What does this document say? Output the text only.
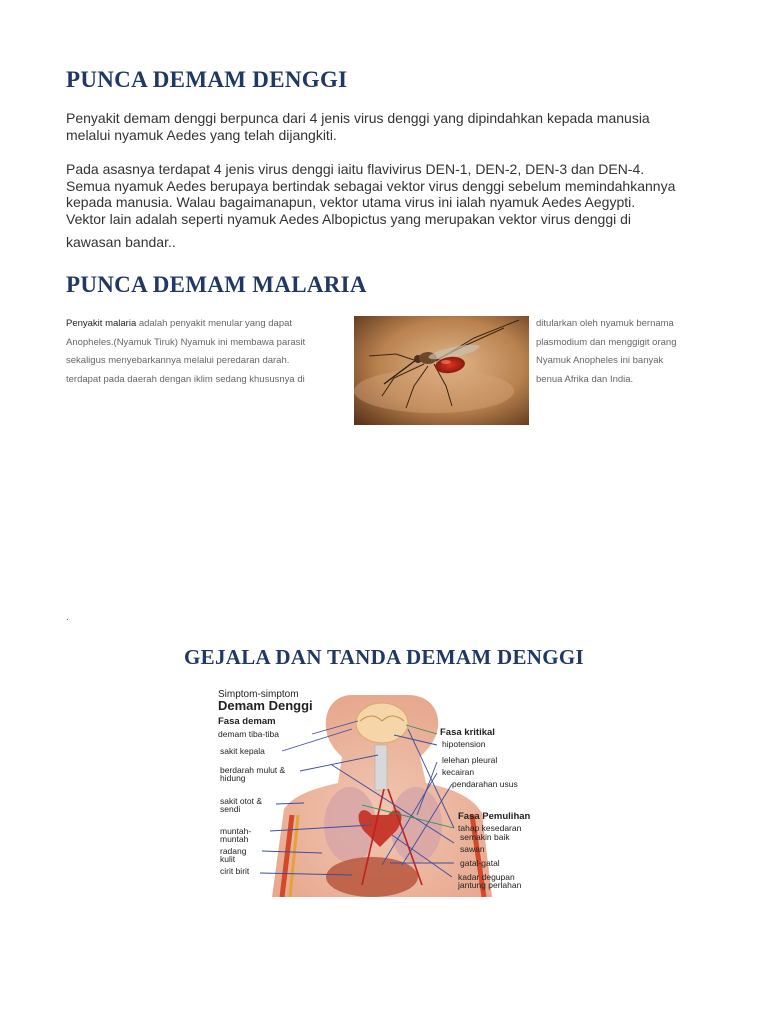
PUNCA DEMAM DENGGI
Penyakit demam denggi berpunca dari 4 jenis virus denggi yang dipindahkan kepada manusia
melalui nyamuk Aedes yang telah dijangkiti.
Pada asasnya terdapat 4 jenis virus denggi iaitu flavivirus DEN-1, DEN-2, DEN-3 dan DEN-4.
Semua nyamuk Aedes berupaya bertindak sebagai vektor virus denggi sebelum memindahkannya
kepada manusia. Walau bagaimanapun, vektor utama virus ini ialah nyamuk Aedes Aegypti.
Vektor lain adalah seperti nyamuk Aedes Albopictus yang merupakan vektor virus denggi di
kawasan bandar..
PUNCA DEMAM MALARIA
Penyakit malaria adalah penyakit menular yang dapat
Anopheles.(Nyamuk Tiruk) Nyamuk ini membawa parasit
sekaligus menyebarkannya melalui peredaran darah.
terdapat pada daerah dengan iklim sedang khususnya di
ditularkan oleh nyamuk bernama
plasmodium dan menggigit orang
Nyamuk Anopheles ini banyak
benua Afrika dan India.
.
GEJALA DAN TANDA DEMAM DENGGI
Simptom-simptom
Demam Denggi
Fasa demam
demam tiba-tiba
sakit kepala
berdarah mulut &
hidung
sakit otot &
sendi
muntah-
muntah
radang
kulit
cirit birit
Fasa kritikal
hipotension
lelehan pleural
kecairan
pendarahan usus
Fasa Pemulihan
tahap kesedaran
semakin baik
sawan
gatal-gatal
kadar degupan
jantung perlahan
